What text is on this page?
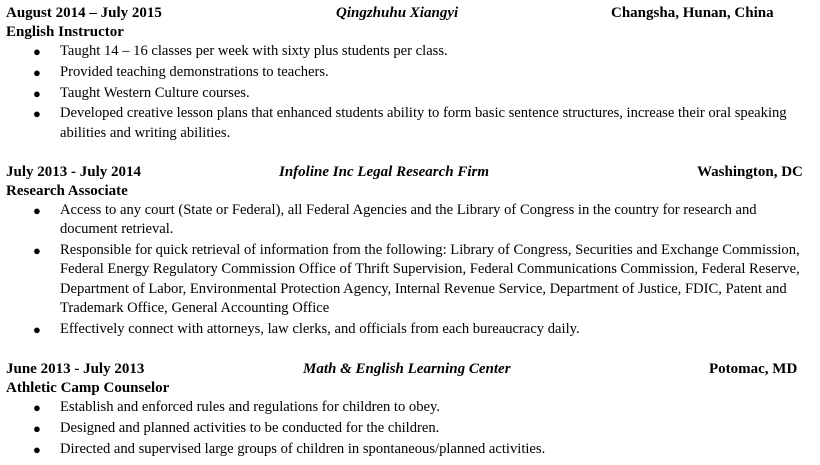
August 2014 – July 2015	Qingzhuhu Xiangyi	Changsha, Hunan, China
English Instructor
● Taught 14 – 16 classes per week with sixty plus students per class.
● Provided teaching demonstrations to teachers.
● Taught Western Culture courses.
● Developed creative lesson plans that enhanced students ability to form basic sentence structures, increase their oral speaking abilities and writing abilities.
July 2013 - July 2014	Infoline Inc Legal Research Firm	Washington, DC
Research Associate
● Access to any court (State or Federal), all Federal Agencies and the Library of Congress in the country for research and document retrieval.
● Responsible for quick retrieval of information from the following: Library of Congress, Securities and Exchange Commission, Federal Energy Regulatory Commission Office of Thrift Supervision, Federal Communications Commission, Federal Reserve, Department of Labor, Environmental Protection Agency, Internal Revenue Service, Department of Justice, FDIC, Patent and Trademark Office, General Accounting Office
● Effectively connect with attorneys, law clerks, and officials from each bureaucracy daily.
June 2013 - July 2013	Math & English Learning Center	Potomac, MD
Athletic Camp Counselor
● Establish and enforced rules and regulations for children to obey.
● Designed and planned activities to be conducted for the children.
● Directed and supervised large groups of children in spontaneous/planned activities.
